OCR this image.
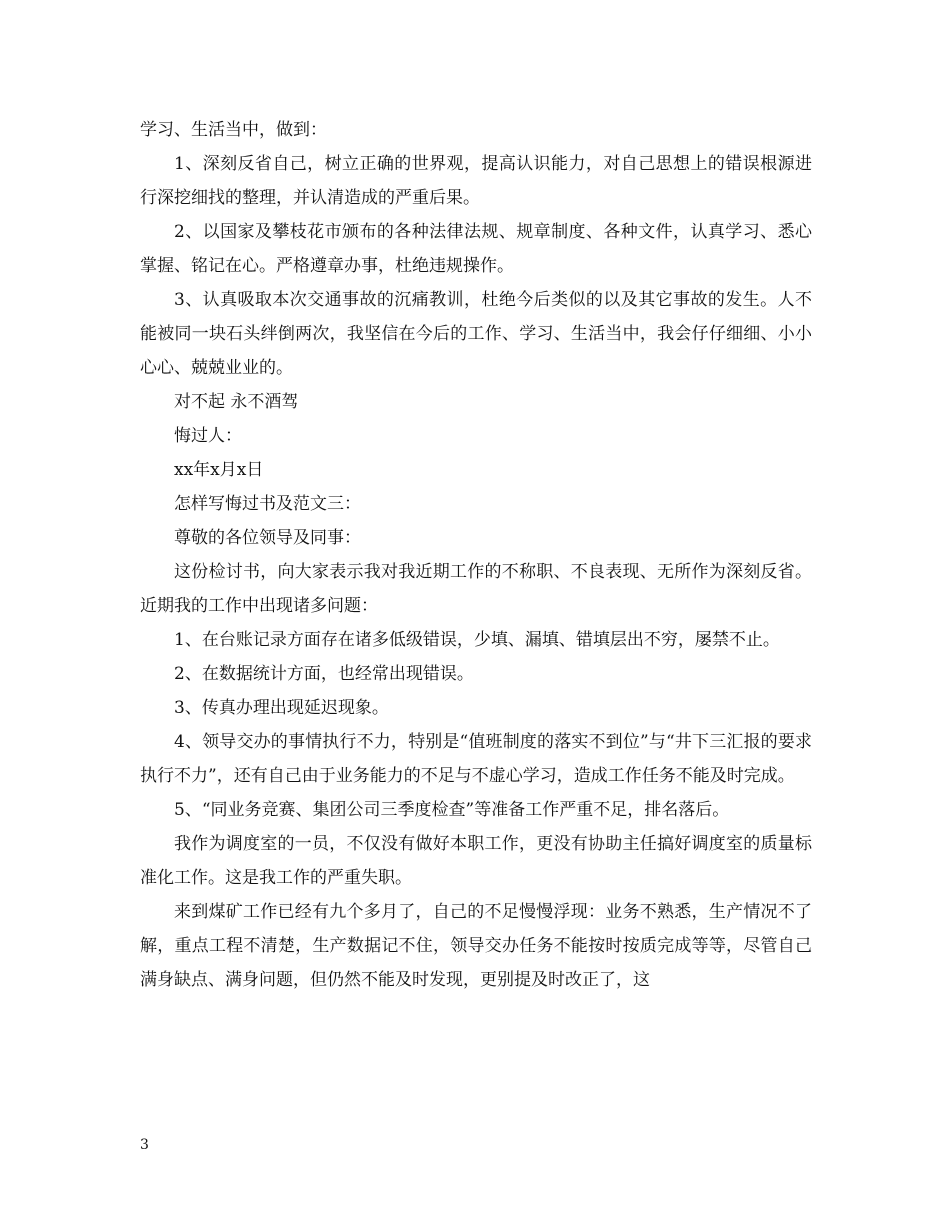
学习、生活当中，做到：

1、深刻反省自己，树立正确的世界观，提高认识能力，对自己思想上的错误根源进行深挖细找的整理，并认清造成的严重后果。

2、以国家及攀枝花市颁布的各种法律法规、规章制度、各种文件，认真学习、悉心掌握、铭记在心。严格遵章办事，杜绝违规操作。

3、认真吸取本次交通事故的沉痛教训，杜绝今后类似的以及其它事故的发生。人不能被同一块石头绊倒两次，我坚信在今后的工作、学习、生活当中，我会仔仔细细、小小心心、兢兢业业的。

对不起 永不酒驾

悔过人：

xx年x月x日

怎样写悔过书及范文三：

尊敬的各位领导及同事：

这份检讨书，向大家表示我对我近期工作的不称职、不良表现、无所作为深刻反省。 近期我的工作中出现诸多问题：

1、在台账记录方面存在诸多低级错误，少填、漏填、错填层出不穷，屡禁不止。

2、在数据统计方面，也经常出现错误。

3、传真办理出现延迟现象。

4、领导交办的事情执行不力，特别是“值班制度的落实不到位”与“井下三汇报的要求执行不力”，还有自己由于业务能力的不足与不虚心学习，造成工作任务不能及时完成。

5、“同业务竞赛、集团公司三季度检查”等准备工作严重不足，排名落后。

我作为调度室的一员，不仅没有做好本职工作，更没有协助主任搞好调度室的质量标准化工作。这是我工作的严重失职。

来到煤矿工作已经有九个多月了，自己的不足慢慢浮现：业务不熟悉，生产情况不了解，重点工程不清楚，生产数据记不住，领导交办任务不能按时按质完成等等，尽管自己满身缺点、满身问题，但仍然不能及时发现，更别提及时改正了，这

3
